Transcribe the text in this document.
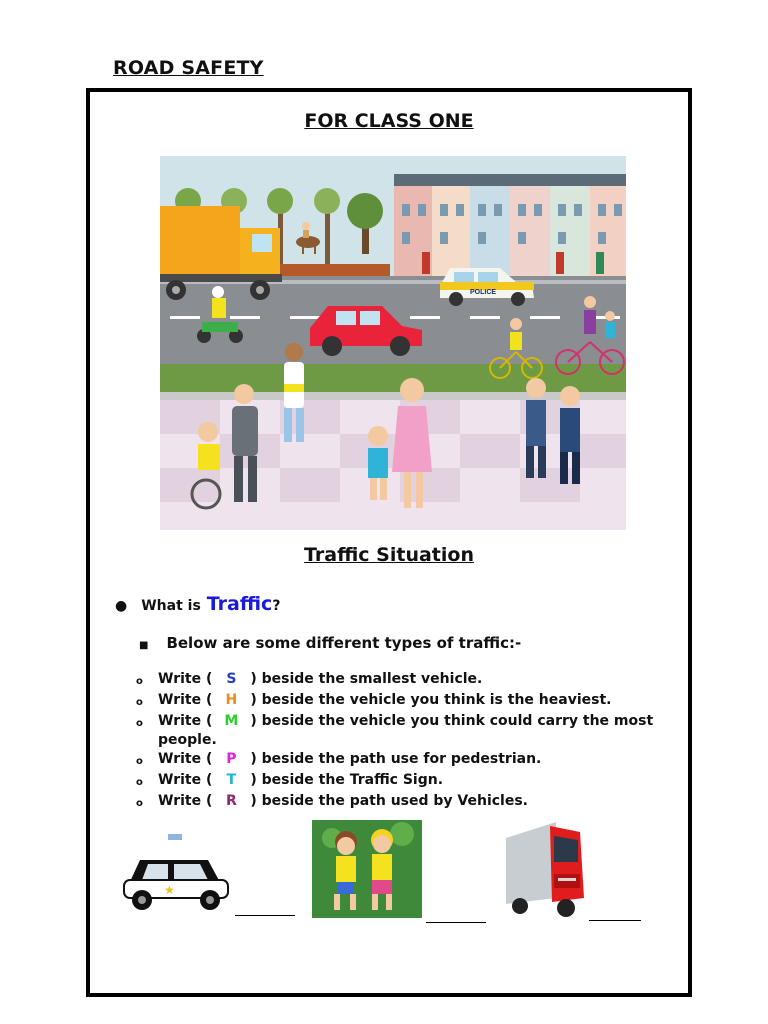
ROAD SAFETY
FOR CLASS ONE
POLICE
Traffic Situation
● What is Traffic ?
■ Below are some different types of traffic:-
o	Write ( S ) beside the smallest vehicle.
o	Write ( H ) beside the vehicle you think is the heaviest.
o	Write ( M ) beside the vehicle you think could carry the most people.
o	Write ( P ) beside the path use for pedestrian.
o	Write ( T ) beside the Traffic Sign.
o	Write ( R ) beside the path used by Vehicles.
★
